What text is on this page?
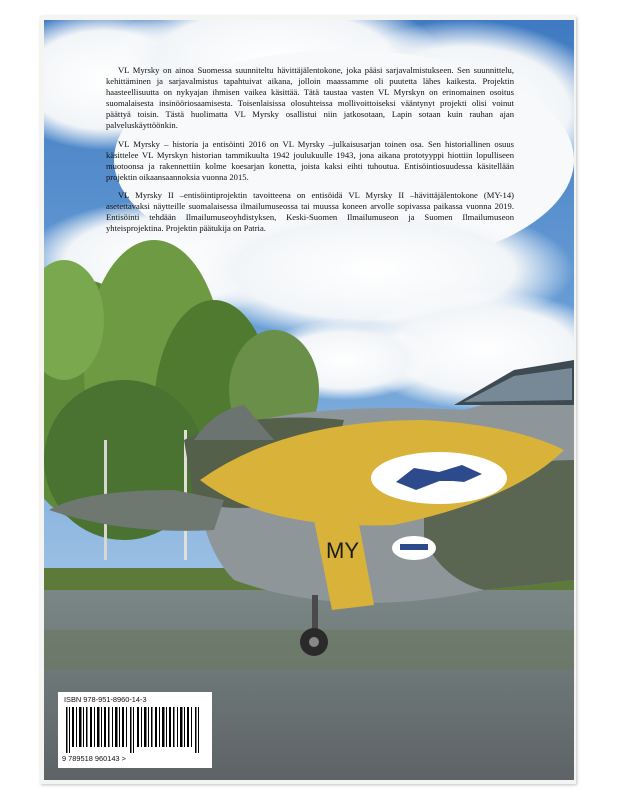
MY

VL Myrsky on ainoa Suomessa suunniteltu hävittäjälentokone, joka pääsi sarjavalmistukseen. Sen suunnittelu, kehittäminen ja sarjavalmistus tapahtuivat aikana, jolloin maassamme oli puutetta lähes kaikesta. Projektin haasteellisuutta on nykyajan ihmisen vaikea käsittää. Tätä taustaa vasten VL Myrskyn on erinomainen osoitus suomalaisesta insinööriosaamisesta. Toisenlaisissa olosuhteissa mollivoittoiseksi vääntynyt projekti olisi voinut päättyä toisin. Tästä huolimatta VL Myrsky osallistui niin jatkosotaan, Lapin sotaan kuin rauhan ajan palveluskäyttöönkin.

VL Myrsky – historia ja entisöinti 2016 on VL Myrsky –julkaisusarjan toinen osa. Sen historiallinen osuus käsittelee VL Myrskyn historian tammikuulta 1942 joulukuulle 1943, jona aikana prototyyppi hiottiin lopulliseen muotoonsa ja rakennettiin kolme koesarjan konetta, joista kaksi eihti tuhoutua. Entisöintiosuudessa käsitellään projektin oikaansaannoksia vuonna 2015.

VL Myrsky II –entisöintiprojektin tavoitteena on entisöidä VL Myrsky II –hävittäjälentokone (MY-14) asetettavaksi näytteille suomalaisessa ilmailumuseossa tai muussa koneen arvolle sopivassa paikassa vuonna 2019. Entisöinti tehdään Ilmailumuseoyhdistyksen, Keski-Suomen Ilmailumuseon ja Suomen Ilmailumuseon yhteisprojektina. Projektin päätukija on Patria.

ISBN 978-951-8960-14-3
9 789518 960143 >
